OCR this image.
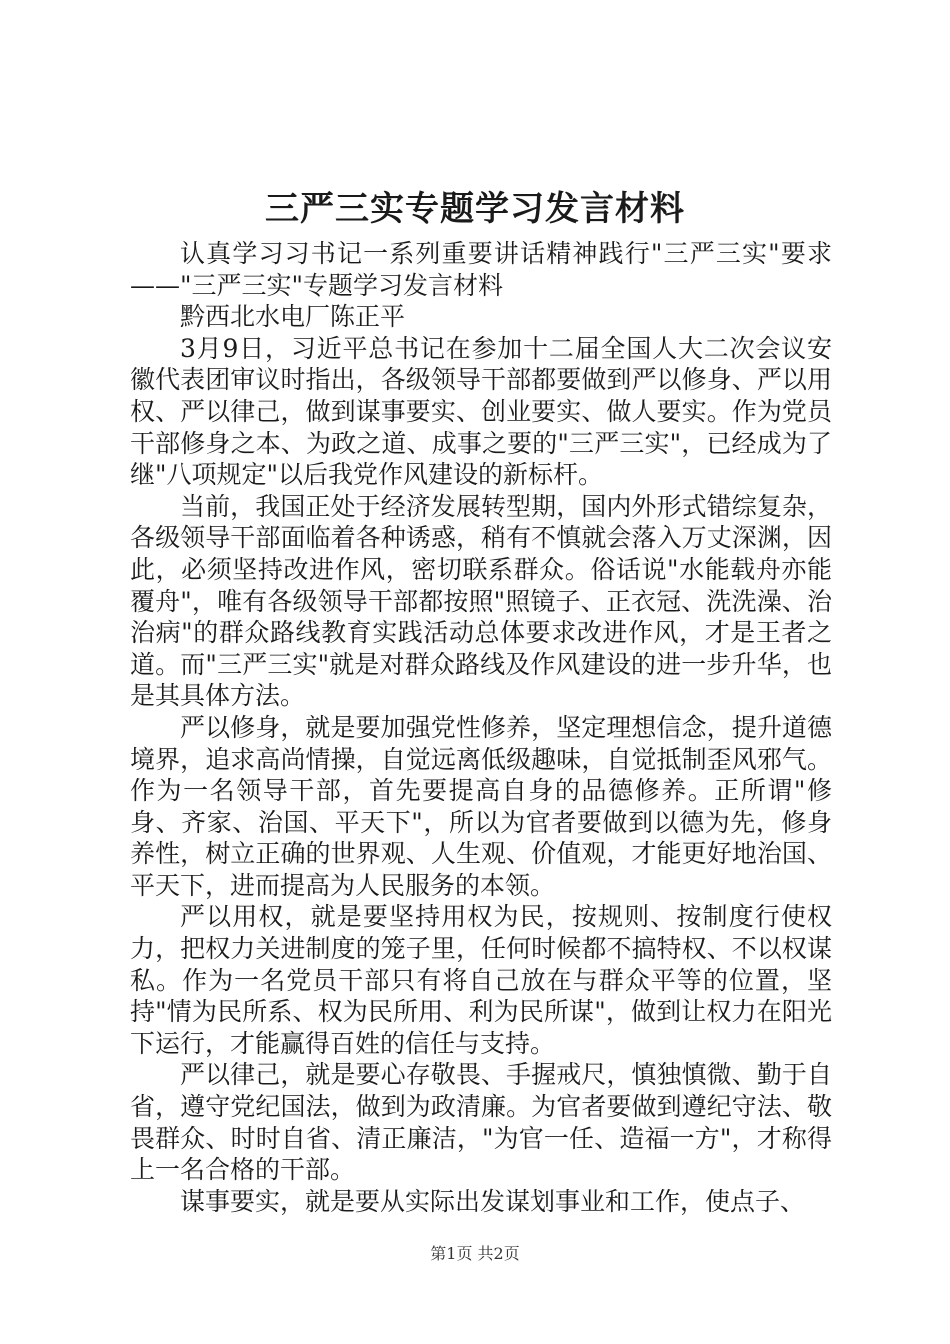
三严三实专题学习发言材料

认真学习习书记一系列重要讲话精神践行"三严三实"要求——"三严三实"专题学习发言材料

黔西北水电厂陈正平

3月9日，习近平总书记在参加十二届全国人大二次会议安徽代表团审议时指出，各级领导干部都要做到严以修身、严以用权、严以律己，做到谋事要实、创业要实、做人要实。作为党员干部修身之本、为政之道、成事之要的"三严三实"，已经成为了继"八项规定"以后我党作风建设的新标杆。

当前，我国正处于经济发展转型期，国内外形式错综复杂，各级领导干部面临着各种诱惑，稍有不慎就会落入万丈深渊，因此，必须坚持改进作风，密切联系群众。俗话说"水能载舟亦能覆舟"，唯有各级领导干部都按照"照镜子、正衣冠、洗洗澡、治治病"的群众路线教育实践活动总体要求改进作风，才是王者之道。而"三严三实"就是对群众路线及作风建设的进一步升华，也是其具体方法。

严以修身，就是要加强党性修养，坚定理想信念，提升道德境界，追求高尚情操，自觉远离低级趣味，自觉抵制歪风邪气。作为一名领导干部，首先要提高自身的品德修养。正所谓"修身、齐家、治国、平天下"，所以为官者要做到以德为先，修身养性，树立正确的世界观、人生观、价值观，才能更好地治国、平天下，进而提高为人民服务的本领。

严以用权，就是要坚持用权为民，按规则、按制度行使权力，把权力关进制度的笼子里，任何时候都不搞特权、不以权谋私。作为一名党员干部只有将自己放在与群众平等的位置，坚持"情为民所系、权为民所用、利为民所谋"，做到让权力在阳光下运行，才能赢得百姓的信任与支持。

严以律己，就是要心存敬畏、手握戒尺，慎独慎微、勤于自省，遵守党纪国法，做到为政清廉。为官者要做到遵纪守法、敬畏群众、时时自省、清正廉洁，"为官一任、造福一方"，才称得上一名合格的干部。

谋事要实，就是要从实际出发谋划事业和工作，使点子、

第1页 共2页
